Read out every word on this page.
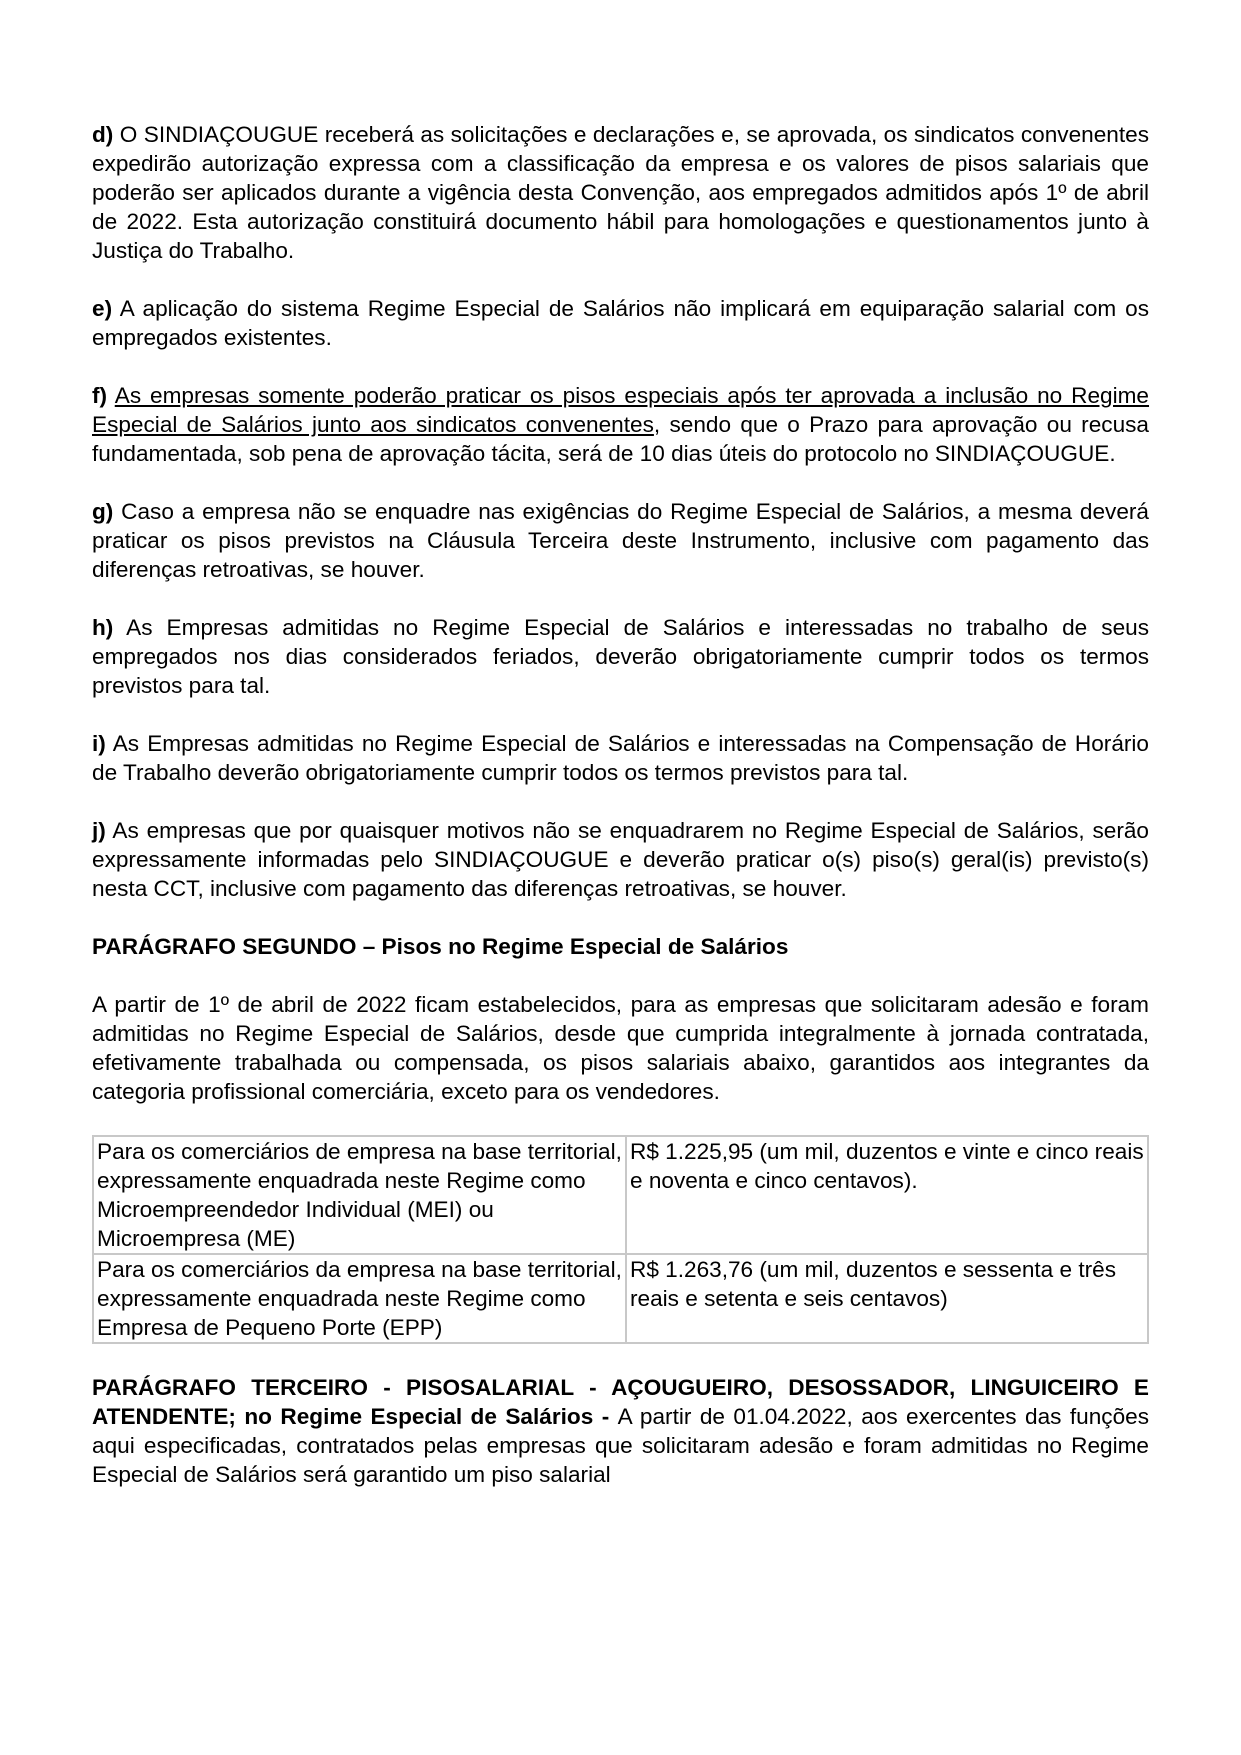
d) O SINDIAÇOUGUE receberá as solicitações e declarações e, se aprovada, os sindicatos convenentes expedirão autorização expressa com a classificação da empresa e os valores de pisos salariais que poderão ser aplicados durante a vigência desta Convenção, aos empregados admitidos após 1º de abril de 2022. Esta autorização constituirá documento hábil para homologações e questionamentos junto à Justiça do Trabalho.

e) A aplicação do sistema Regime Especial de Salários não implicará em equiparação salarial com os empregados existentes.

f) As empresas somente poderão praticar os pisos especiais após ter aprovada a inclusão no Regime Especial de Salários junto aos sindicatos convenentes, sendo que o Prazo para aprovação ou recusa fundamentada, sob pena de aprovação tácita, será de 10 dias úteis do protocolo no SINDIAÇOUGUE.

g) Caso a empresa não se enquadre nas exigências do Regime Especial de Salários, a mesma deverá praticar os pisos previstos na Cláusula Terceira deste Instrumento, inclusive com pagamento das diferenças retroativas, se houver.

h) As Empresas admitidas no Regime Especial de Salários e interessadas no trabalho de seus empregados nos dias considerados feriados, deverão obrigatoriamente cumprir todos os termos previstos para tal.

i) As Empresas admitidas no Regime Especial de Salários e interessadas na Compensação de Horário de Trabalho deverão obrigatoriamente cumprir todos os termos previstos para tal.

j) As empresas que por quaisquer motivos não se enquadrarem no Regime Especial de Salários, serão expressamente informadas pelo SINDIAÇOUGUE e deverão praticar o(s) piso(s) geral(is) previsto(s) nesta CCT, inclusive com pagamento das diferenças retroativas, se houver.

PARÁGRAFO SEGUNDO – Pisos no Regime Especial de Salários

A partir de 1º de abril de 2022 ficam estabelecidos, para as empresas que solicitaram adesão e foram admitidas no Regime Especial de Salários, desde que cumprida integralmente à jornada contratada, efetivamente trabalhada ou compensada, os pisos salariais abaixo, garantidos aos integrantes da categoria profissional comerciária, exceto para os vendedores.

Para os comerciários de empresa na base territorial, expressamente enquadrada neste Regime como Microempreendedor Individual (MEI) ou Microempresa (ME)	R$ 1.225,95 (um mil, duzentos e vinte e cinco reais e noventa e cinco centavos).
Para os comerciários da empresa na base territorial, expressamente enquadrada neste Regime como Empresa de Pequeno Porte (EPP)	R$ 1.263,76 (um mil, duzentos e sessenta e três reais e setenta e seis centavos)

PARÁGRAFO TERCEIRO - PISOSALARIAL - AÇOUGUEIRO, DESOSSADOR, LINGUICEIRO E ATENDENTE; no Regime Especial de Salários - A partir de 01.04.2022, aos exercentes das funções aqui especificadas, contratados pelas empresas que solicitaram adesão e foram admitidas no Regime Especial de Salários será garantido um piso salarial
